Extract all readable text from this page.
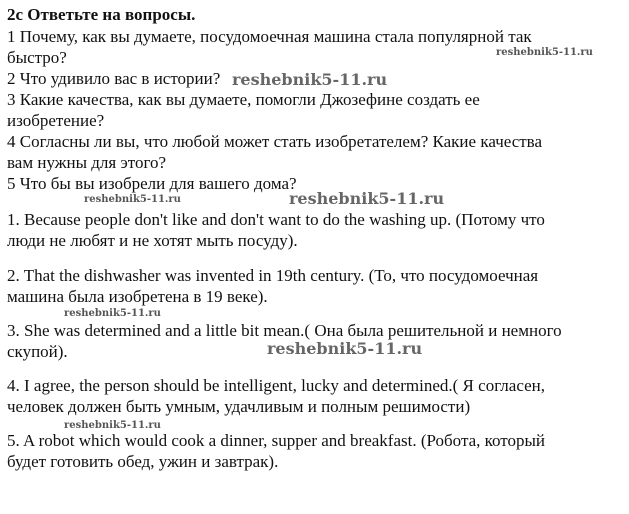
2с Ответьте на вопросы.
1 Почему, как вы думаете, посудомоечная машина стала популярной так
быстро?
2 Что удивило вас в истории?
3 Какие качества, как вы думаете, помогли Джозефине создать ее
изобретение?
4 Согласны ли вы, что любой может стать изобретателем? Какие качества
вам нужны для этого?
5 Что бы вы изобрели для вашего дома?
1. Because people don't like and don't want to do the washing up. (Потому что
люди не любят и не хотят мыть посуду).
2. That the dishwasher was invented in 19th century. (То, что посудомоечная
машина была изобретена в 19 веке).
3. She was determined and a little bit mean.( Она была решительной и немного
скупой).
4. I agree, the person should be intelligent, lucky and determined.( Я согласен,
человек должен быть умным, удачливым и полным решимости)
5. A robot which would cook a dinner, supper and breakfast. (Робота, который
будет готовить обед, ужин и завтрак).
reshebnik5-11.ru
reshebnik5-11.ru
reshebnik5-11.ru	reshebnik5-11.ru
reshebnik5-11.ru
reshebnik5-11.ru
reshebnik5-11.ru
